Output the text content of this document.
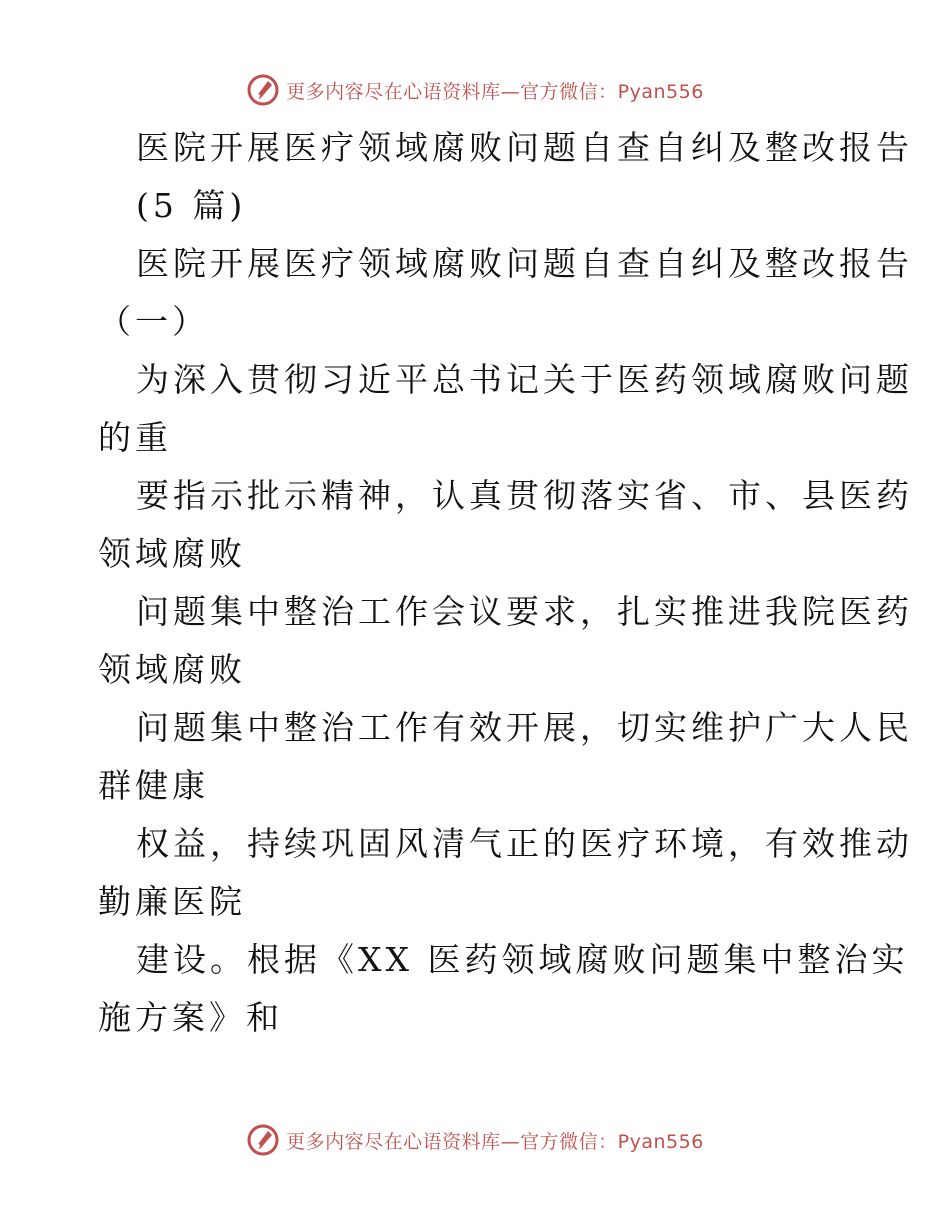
更多内容尽在心语资料库—官方微信：Pyan556
医院开展医疗领域腐败问题自查自纠及整改报告
(5 篇)
医院开展医疗领域腐败问题自查自纠及整改报告
（一）
为深入贯彻习近平总书记关于医药领域腐败问题
的重
要指示批示精神，认真贯彻落实省、市、县医药
领域腐败
问题集中整治工作会议要求，扎实推进我院医药
领域腐败
问题集中整治工作有效开展，切实维护广大人民
群健康
权益，持续巩固风清气正的医疗环境，有效推动
勤廉医院
建设。根据《XX 医药领域腐败问题集中整治实
施方案》和
更多内容尽在心语资料库—官方微信：Pyan556
